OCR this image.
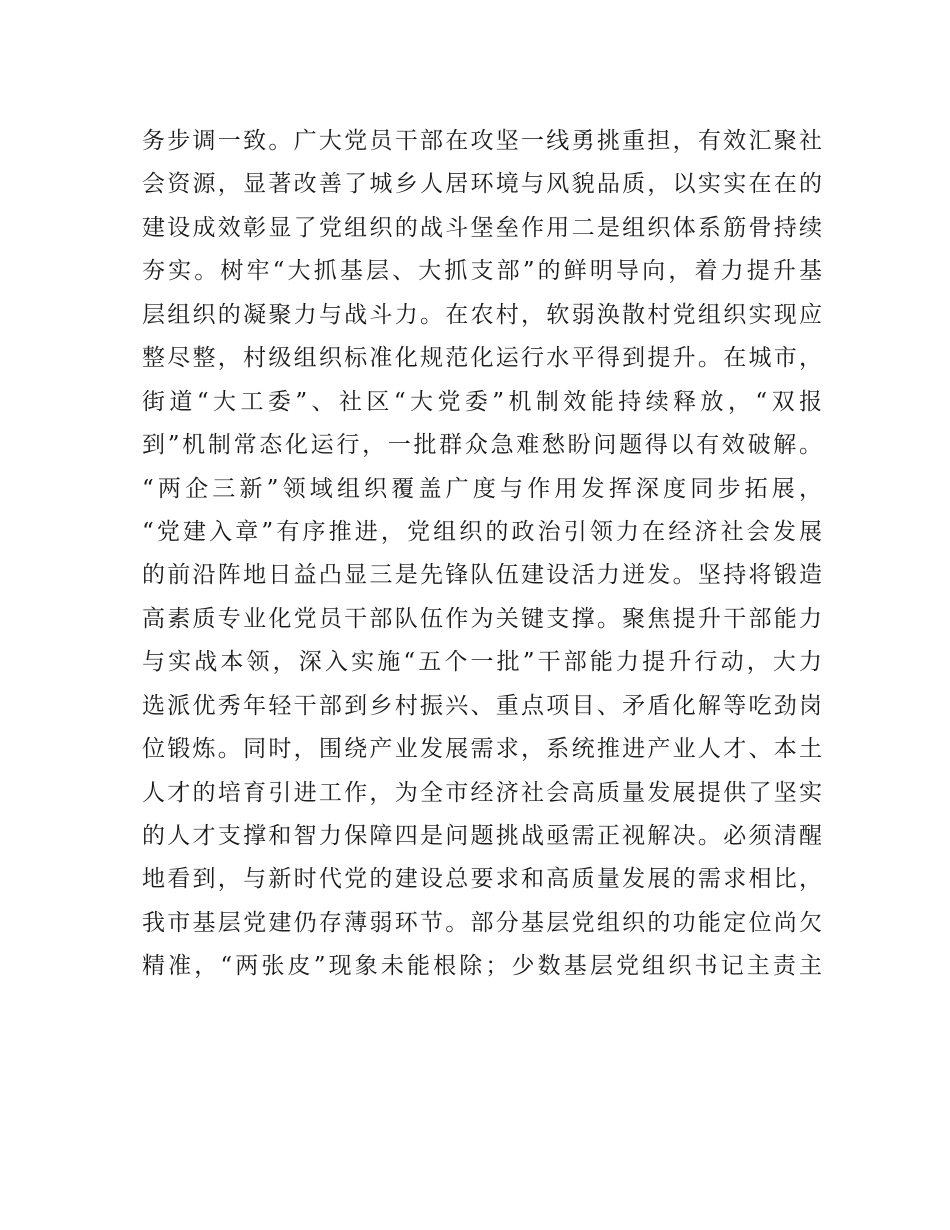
务步调一致。广大党员干部在攻坚一线勇挑重担，有效汇聚社
会资源，显著改善了城乡人居环境与风貌品质，以实实在在的
建设成效彰显了党组织的战斗堡垒作用二是组织体系筋骨持续
夯实。树牢“大抓基层、大抓支部”的鲜明导向，着力提升基
层组织的凝聚力与战斗力。在农村，软弱涣散村党组织实现应
整尽整，村级组织标准化规范化运行水平得到提升。在城市，
街道“大工委”、社区“大党委”机制效能持续释放，“双报
到”机制常态化运行，一批群众急难愁盼问题得以有效破解。
“两企三新”领域组织覆盖广度与作用发挥深度同步拓展，
“党建入章”有序推进，党组织的政治引领力在经济社会发展
的前沿阵地日益凸显三是先锋队伍建设活力迸发。坚持将锻造
高素质专业化党员干部队伍作为关键支撑。聚焦提升干部能力
与实战本领，深入实施“五个一批”干部能力提升行动，大力
选派优秀年轻干部到乡村振兴、重点项目、矛盾化解等吃劲岗
位锻炼。同时，围绕产业发展需求，系统推进产业人才、本土
人才的培育引进工作，为全市经济社会高质量发展提供了坚实
的人才支撑和智力保障四是问题挑战亟需正视解决。必须清醒
地看到，与新时代党的建设总要求和高质量发展的需求相比，
我市基层党建仍存薄弱环节。部分基层党组织的功能定位尚欠
精准，“两张皮”现象未能根除；少数基层党组织书记主责主
